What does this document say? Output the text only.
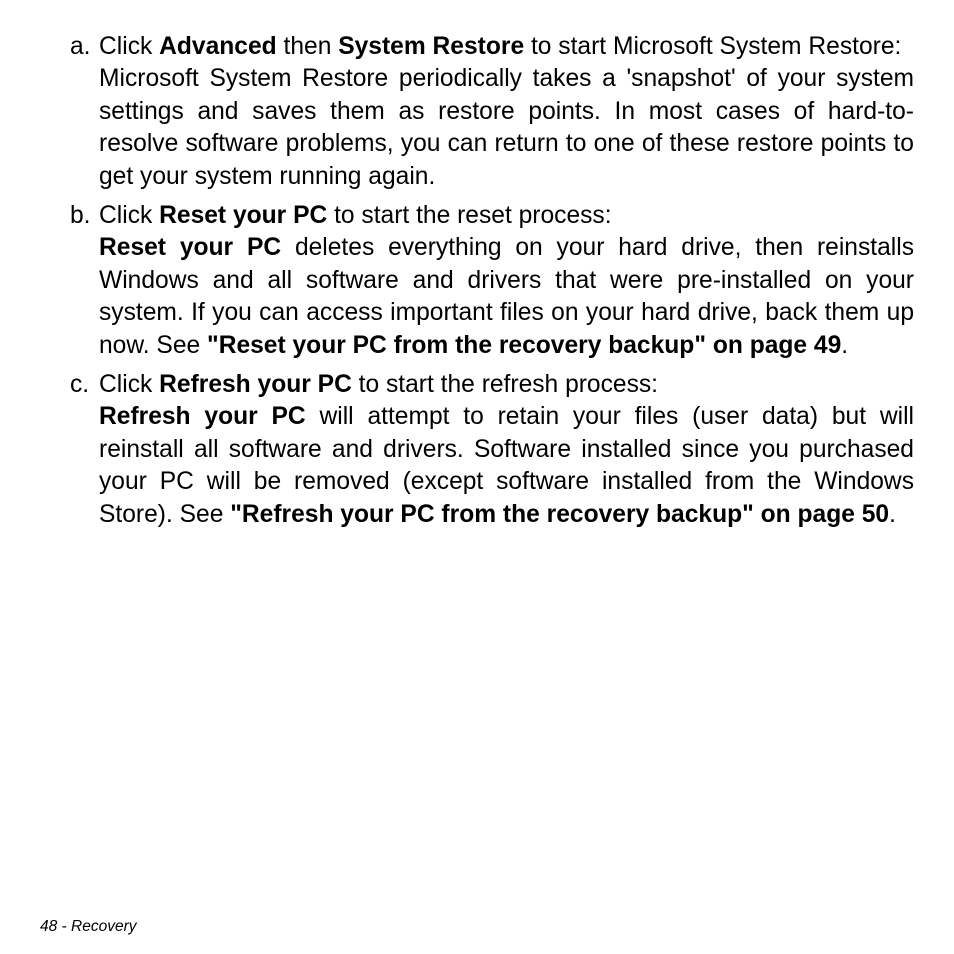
a. Click Advanced then System Restore to start Microsoft System Restore:

Microsoft System Restore periodically takes a 'snapshot' of your system settings and saves them as restore points. In most cases of hard-to-resolve software problems, you can return to one of these restore points to get your system running again.

b. Click Reset your PC to start the reset process:

Reset your PC deletes everything on your hard drive, then reinstalls Windows and all software and drivers that were pre-installed on your system. If you can access important files on your hard drive, back them up now. See "Reset your PC from the recovery backup" on page 49.

c. Click Refresh your PC to start the refresh process:

Refresh your PC will attempt to retain your files (user data) but will reinstall all software and drivers. Software installed since you purchased your PC will be removed (except software installed from the Windows Store). See "Refresh your PC from the recovery backup" on page 50.

48 - Recovery
